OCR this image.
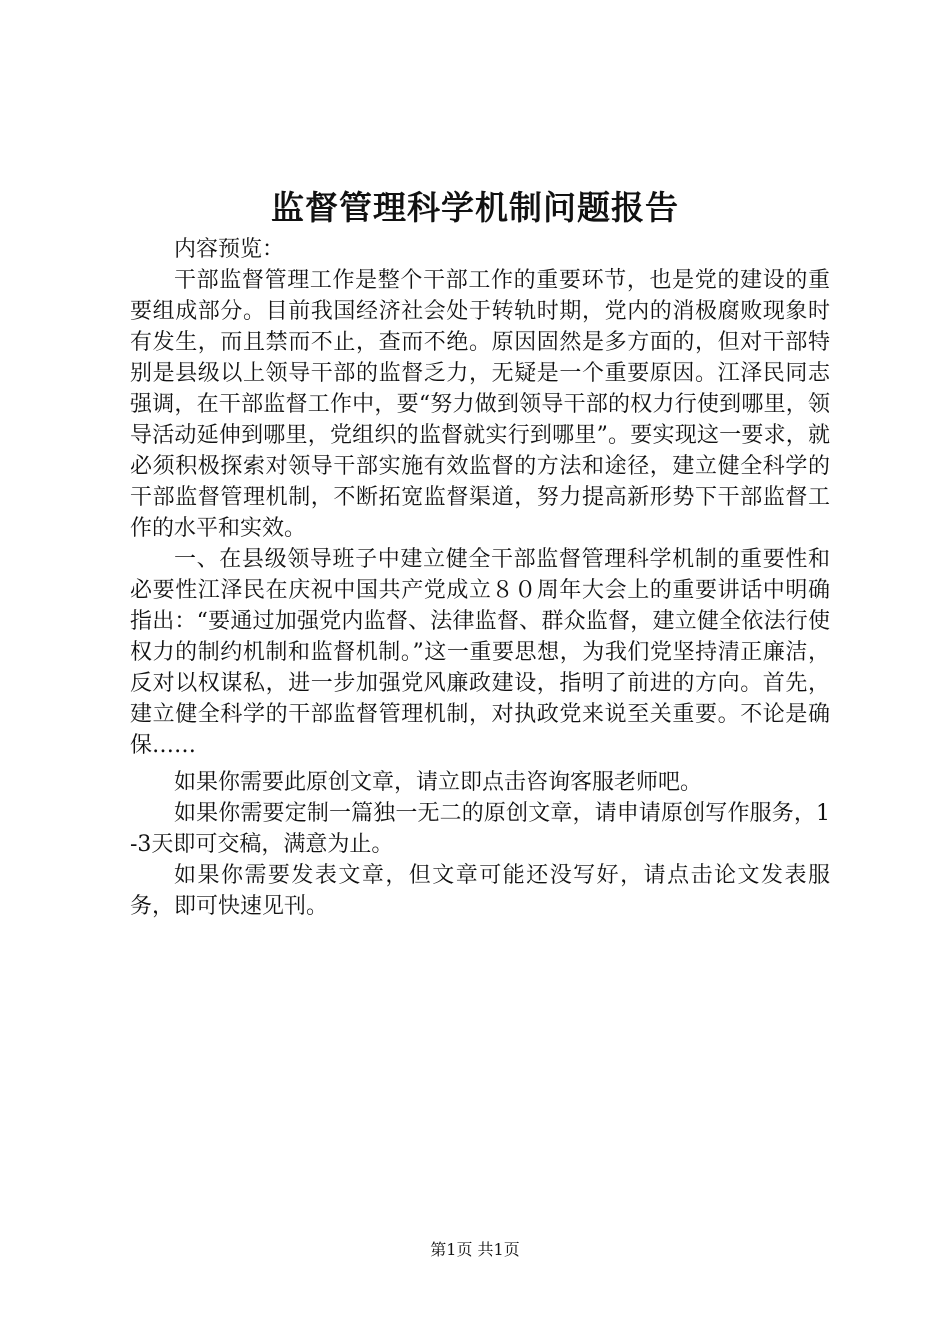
监督管理科学机制问题报告

内容预览：

干部监督管理工作是整个干部工作的重要环节，也是党的建设的重要组成部分。目前我国经济社会处于转轨时期，党内的消极腐败现象时有发生，而且禁而不止，查而不绝。原因固然是多方面的，但对干部特别是县级以上领导干部的监督乏力，无疑是一个重要原因。江泽民同志强调，在干部监督工作中，要“努力做到领导干部的权力行使到哪里，领导活动延伸到哪里，党组织的监督就实行到哪里”。要实现这一要求，就必须积极探索对领导干部实施有效监督的方法和途径，建立健全科学的干部监督管理机制，不断拓宽监督渠道，努力提高新形势下干部监督工作的水平和实效。

一、在县级领导班子中建立健全干部监督管理科学机制的重要性和必要性江泽民在庆祝中国共产党成立８０周年大会上的重要讲话中明确指出：“要通过加强党内监督、法律监督、群众监督，建立健全依法行使权力的制约机制和监督机制。”这一重要思想，为我们党坚持清正廉洁，反对以权谋私，进一步加强党风廉政建设，指明了前进的方向。首先，建立健全科学的干部监督管理机制，对执政党来说至关重要。不论是确保……

如果你需要此原创文章，请立即点击咨询客服老师吧。

如果你需要定制一篇独一无二的原创文章，请申请原创写作服务，1-3天即可交稿，满意为止。

如果你需要发表文章，但文章可能还没写好，请点击论文发表服务，即可快速见刊。

第1页 共1页
